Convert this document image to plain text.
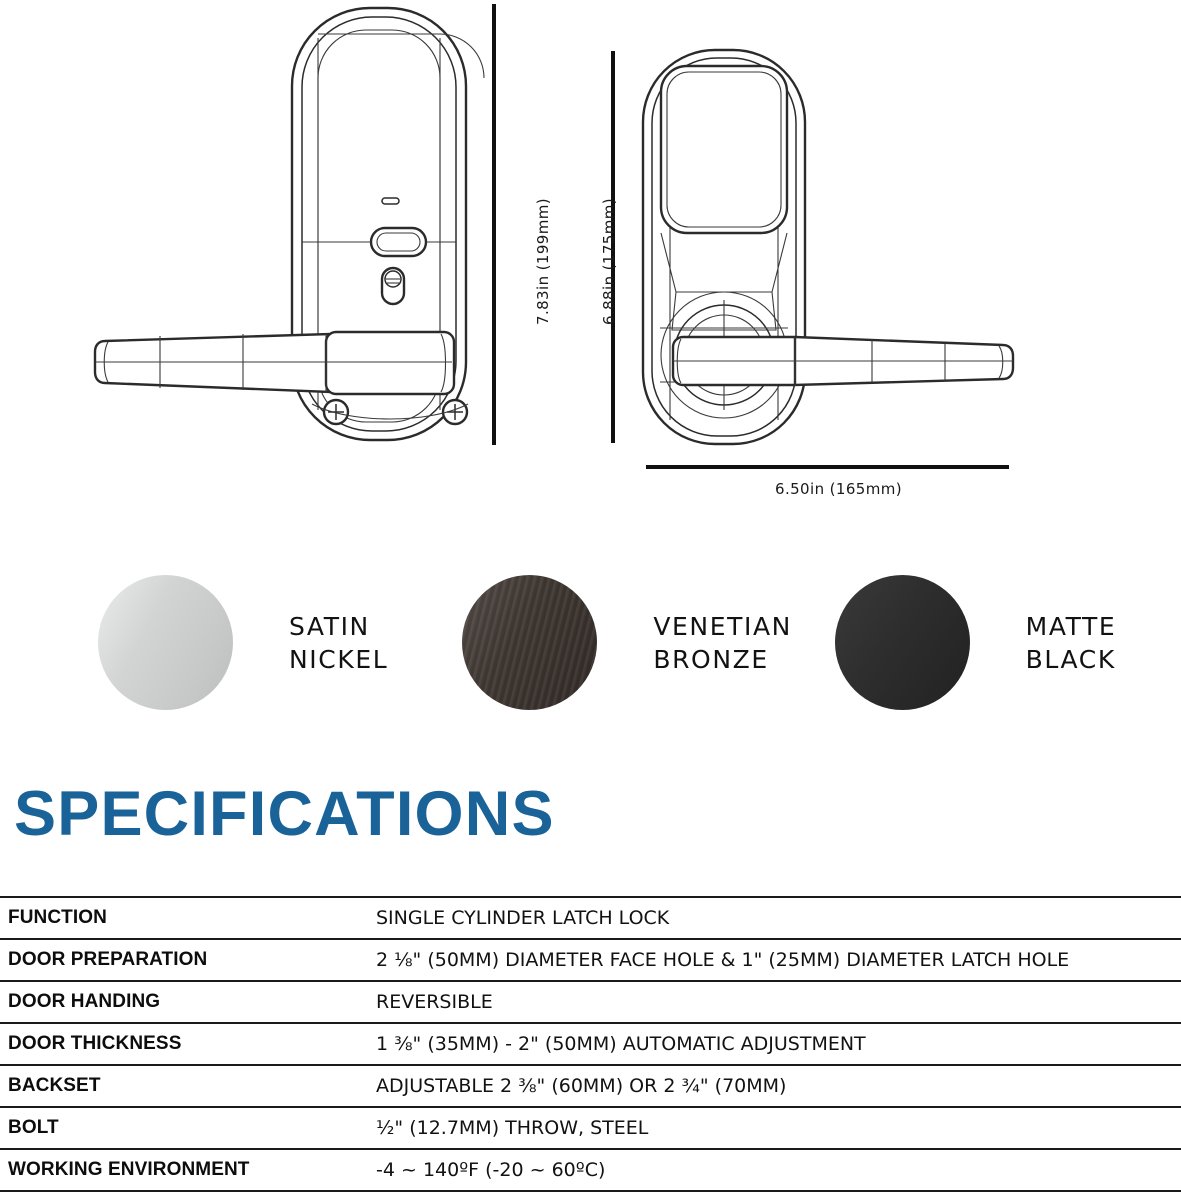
7.83in (199mm)	6.88in (175mm)
6.50in (165mm)
SATIN
NICKEL
VENETIAN
BRONZE
MATTE
BLACK
SPECIFICATIONS
FUNCTION	SINGLE CYLINDER LATCH LOCK
DOOR PREPARATION	2 ⅛" (50MM) DIAMETER FACE HOLE & 1" (25MM) DIAMETER LATCH HOLE
DOOR HANDING	REVERSIBLE
DOOR THICKNESS	1 ⅜" (35MM) - 2" (50MM) AUTOMATIC ADJUSTMENT
BACKSET	ADJUSTABLE 2 ⅜" (60MM) OR 2 ¾" (70MM)
BOLT	½" (12.7MM) THROW, STEEL
WORKING ENVIRONMENT	-4 ~ 140ºF (-20 ~ 60ºC)
